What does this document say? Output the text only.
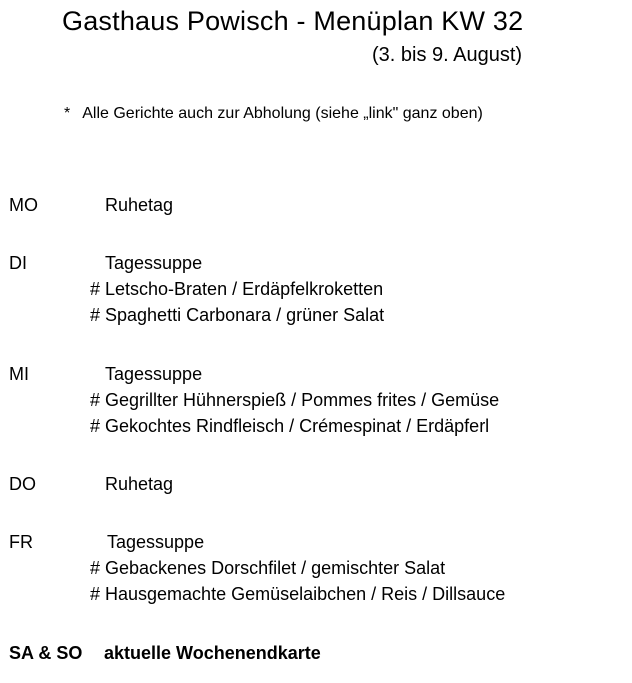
Gasthaus Powisch - Menüplan KW 32
(3. bis 9. August)
* Alle Gerichte auch zur Abholung (siehe „link" ganz oben)
MO	Ruhetag
DI	Tagessuppe
# Letscho-Braten / Erdäpfelkroketten
# Spaghetti Carbonara / grüner Salat
MI	Tagessuppe
# Gegrillter Hühnerspieß / Pommes frites / Gemüse
# Gekochtes Rindfleisch / Crémespinat / Erdäpferl
DO	Ruhetag
FR	Tagessuppe
# Gebackenes Dorschfilet / gemischter Salat
# Hausgemachte Gemüselaibchen / Reis / Dillsauce
SA & SO aktuelle Wochenendkarte
